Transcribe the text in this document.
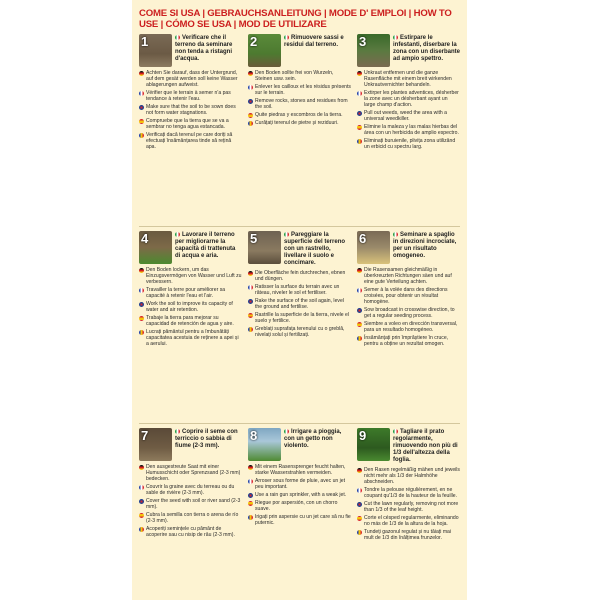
COME SI USA | GEBRAUCHSANLEITUNG | MODE D' EMPLOI | HOW TO USE | CÓMO SE USA | MOD DE UTILIZARE
1	Verificare che il terreno da seminare non tenda a ristagni d'acqua.
Achten Sie darauf, dass der Untergrund, auf dem gesät werden soll keine Wasser ablagerungen aufweist.
Vérifier que le terrain à semer n'a pas tendance à retenir l'eau.
Make sure that the soil to be sown does not form water stagnations.
Compruebe que la tierra que se va a sembrar no tenga agua estancada.
Verificați dacă terenul pe care doriți să efectuați însămânțarea tinde să rețină apa.
2	Rimuovere sassi e residui dal terreno.
Den Boden sollte frei von Wurzeln, Steinen usw. sein.
Enlever les cailloux et les résidus présents sur le terrain.
Remove rocks, stones and residues from the soil.
Quite piedras y escombros de la tierra.
Curățați terenul de pietre și reziduuri.
3	Estirpare le infestanti, diserbare la zona con un diserbante ad ampio spettro.
Unkraut entfernen und die ganze Rasenfläche mit einem breit wirkenden Unkrautvernichter behandeln.
Extirper les plantes adventices, désherber la zone avec un désherbant ayant un large champ d'action.
Pull out weeds, weed the area with a universal weedkiller.
Elimine la maleza y las malas hierbas del área con un herbicida de amplio espectro.
Eliminați buruienile, plivița zona utilizând un erbicid cu spectru larg.
4	Lavorare il terreno per migliorarne la capacità di trattenuta di acqua e aria.
Den Boden lockern, um das Einzugsvermögen von Wasser und Luft zu verbessern.
Travailler la terre pour améliorer sa capacité à retenir l'eau et l'air.
Work the soil to improve its capacity of water and air retention.
Trabaje la tierra para mejorar su capacidad de retención de agua y aire.
Lucrați pământul pentru a îmbunătăți capacitatea acestuia de reținere a apei și a aerului.
5	Pareggiare la superficie del terreno con un rastrello, livellare il suolo e concimare.
Die Oberfläche fein durchrechen, ebnen und düngen.
Ratisser la surface du terrain avec un râteau, niveler le sol et fertiliser.
Rake the surface of the soil again, level the ground and fertilise.
Rastrille la superficie de la tierra, nivele el suelo y fertilice.
Greblați suprafața terenului cu o greblă, nivelați solul și fertilizați.
6	Seminare a spaglio in direzioni incrociate, per un risultato omogeneo.
Die Rasensamen gleichmäßig in überkreuzten Richtungen säen und auf eine gute Verteilung achten.
Semer à la volée dans des directions croisées, pour obtenir un résultat homogène.
Sow broadcast in crosswise direction, to get a regular seeding process.
Siembre a voleo en dirección transversal, para un resultado homogéneo.
Însămânțați prin împrăștiere în cruce, pentru a obține un rezultat omogen.
7	Coprire il seme con terriccio o sabbia di fiume (2-3 mm).
Den ausgestreute Saat mit einer Humusschicht oder Sprenzsand (2-3 mm) bedecken.
Couvrir la graine avec du terreau ou du sable de rivière (2-3 mm).
Cover the seed with soil or river sand (2-3 mm).
Cubra la semilla con tierra o arena de río (2-3 mm).
Acoperiți semințele cu pământ de acoperire sau cu nisip de râu (2-3 mm).
8	Irrigare a pioggia, con un getto non violento.
Mit einem Rasensprenger feucht halten, starke Wasserstrahlen vermeiden.
Arroser sous forme de pluie, avec un jet peu important.
Use a rain gun sprinkler, with a weak jet.
Riegue por aspersión, con un chorro suave.
Irigați prin aspersie cu un jet care să nu fie puternic.
9	Tagliare il prato regolarmente, rimuovendo non più di 1/3 dell'altezza della foglia.
Den Rasen regelmäßig mähen und jeweils nicht mehr als 1/3 der Halmhöhe abschneiden.
Tondre la pelouse régulièrement, en ne coupant qu'1/3 de la hauteur de la feuille.
Cut the lawn regularly, removing not more than 1/3 of the leaf height.
Corte el césped regularmente, eliminando no más de 1/3 de la altura de la hoja.
Tundeți gazonul regulat și nu tăiați mai mult de 1/3 din înălțimea frunzelor.
